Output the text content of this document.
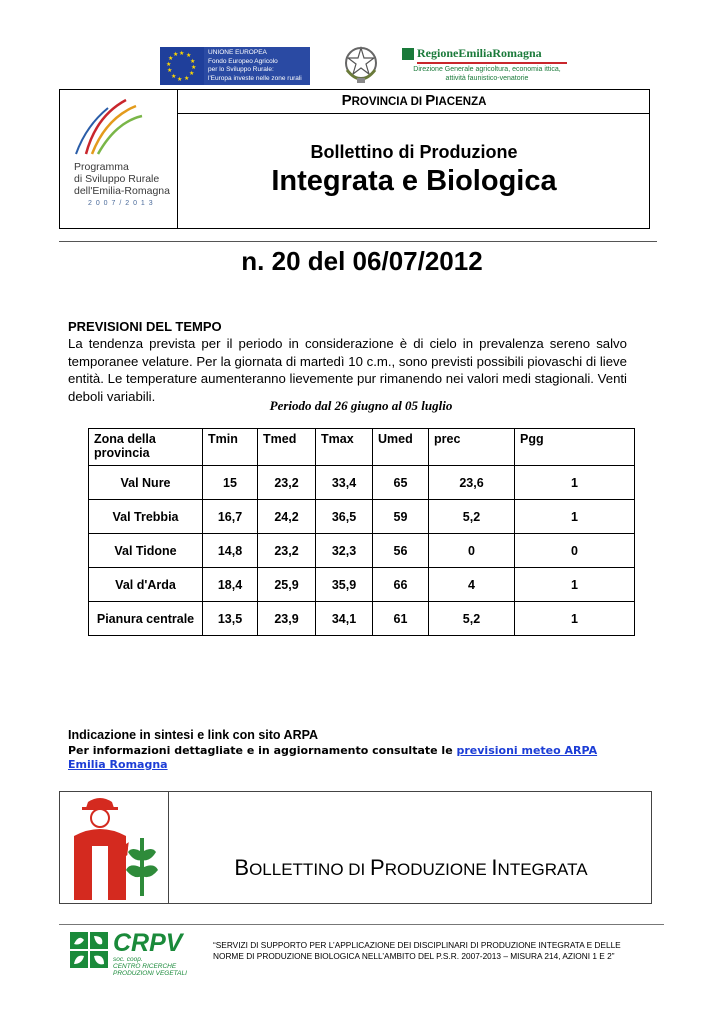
★ ★
★
★
★
★
★
★
★
★
★
★	UNIONE EUROPEA
Fondo Europeo Agricolo
per lo Sviluppo Rurale:
l'Europa investe nelle zone rurali
RegioneEmiliaRomagna
Direzione Generale agricoltura, economia ittica,
attività faunistico-venatorie
Programma
di Sviluppo Rurale
dell'Emilia-Romagna
2 0 0 7 / 2 0 1 3
PROVINCIA DI PIACENZA
Bollettino di Produzione
Integrata e Biologica
n. 20 del 06/07/2012
PREVISIONI DEL TEMPO
La tendenza prevista per il periodo in considerazione è di cielo in prevalenza sereno salvo temporanee velature. Per la giornata di martedì 10 c.m., sono previsti possibili piovaschi di lieve entità. Le temperature aumenteranno lievemente pur rimanendo nei valori medi stagionali. Venti deboli variabili.
Periodo dal 26 giugno al 05 luglio
Zona della provincia	Tmin	Tmed	Tmax	Umed	prec	Pgg
Val Nure	15	23,2	33,4	65	23,6	1
Val Trebbia	16,7	24,2	36,5	59	5,2	1
Val Tidone	14,8	23,2	32,3	56	0	0
Val d'Arda	18,4	25,9	35,9	66	4	1
Pianura centrale	13,5	23,9	34,1	61	5,2	1
Indicazione in sintesi e link con sito ARPA
Per informazioni dettagliate e in aggiornamento consultate le previsioni meteo ARPA Emilia Romagna
BOLLETTINO DI PRODUZIONE INTEGRATA
CRPV
soc. coop.
CENTRO RICERCHE
PRODUZIONI VEGETALI
“SERVIZI DI SUPPORTO PER L’APPLICAZIONE DEI DISCIPLINARI DI PRODUZIONE INTEGRATA E DELLE
NORME DI PRODUZIONE BIOLOGICA NELL’AMBITO DEL P.S.R. 2007-2013 – MISURA 214, AZIONI 1 E 2”
